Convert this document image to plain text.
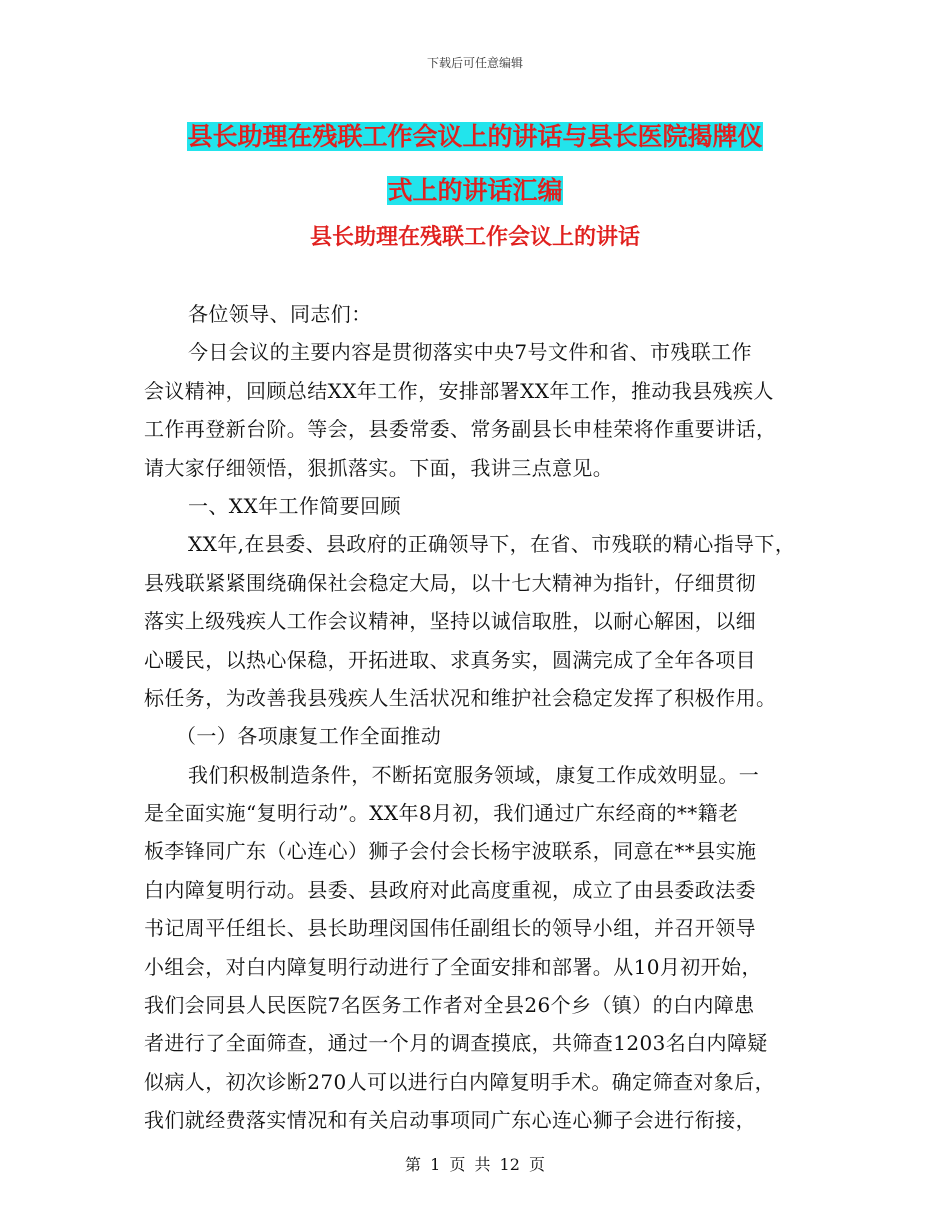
下载后可任意编辑
县长助理在残联工作会议上的讲话与县长医院揭牌仪
式上的讲话汇编
县长助理在残联工作会议上的讲话
各位领导、同志们：
今日会议的主要内容是贯彻落实中央7号文件和省、市残联工作
会议精神，回顾总结XX年工作，安排部署XX年工作，推动我县残疾人
工作再登新台阶。等会，县委常委、常务副县长申桂荣将作重要讲话，
请大家仔细领悟，狠抓落实。下面，我讲三点意见。
一、XX年工作简要回顾
XX年,在县委、县政府的正确领导下，在省、市残联的精心指导下，
县残联紧紧围绕确保社会稳定大局，以十七大精神为指针，仔细贯彻
落实上级残疾人工作会议精神，坚持以诚信取胜，以耐心解困，以细
心暖民，以热心保稳，开拓进取、求真务实，圆满完成了全年各项目
标任务，为改善我县残疾人生活状况和维护社会稳定发挥了积极作用。
（一）各项康复工作全面推动
我们积极制造条件，不断拓宽服务领域，康复工作成效明显。一
是全面实施“复明行动”。XX年8月初，我们通过广东经商的**籍老
板李锋同广东（心连心）狮子会付会长杨宇波联系，同意在**县实施
白内障复明行动。县委、县政府对此高度重视，成立了由县委政法委
书记周平任组长、县长助理闵国伟任副组长的领导小组，并召开领导
小组会，对白内障复明行动进行了全面安排和部署。从10月初开始，
我们会同县人民医院7名医务工作者对全县26个乡（镇）的白内障患
者进行了全面筛查，通过一个月的调查摸底，共筛查1203名白内障疑
似病人，初次诊断270人可以进行白内障复明手术。确定筛查对象后，
我们就经费落实情况和有关启动事项同广东心连心狮子会进行衔接，
第 1 页 共 12 页
